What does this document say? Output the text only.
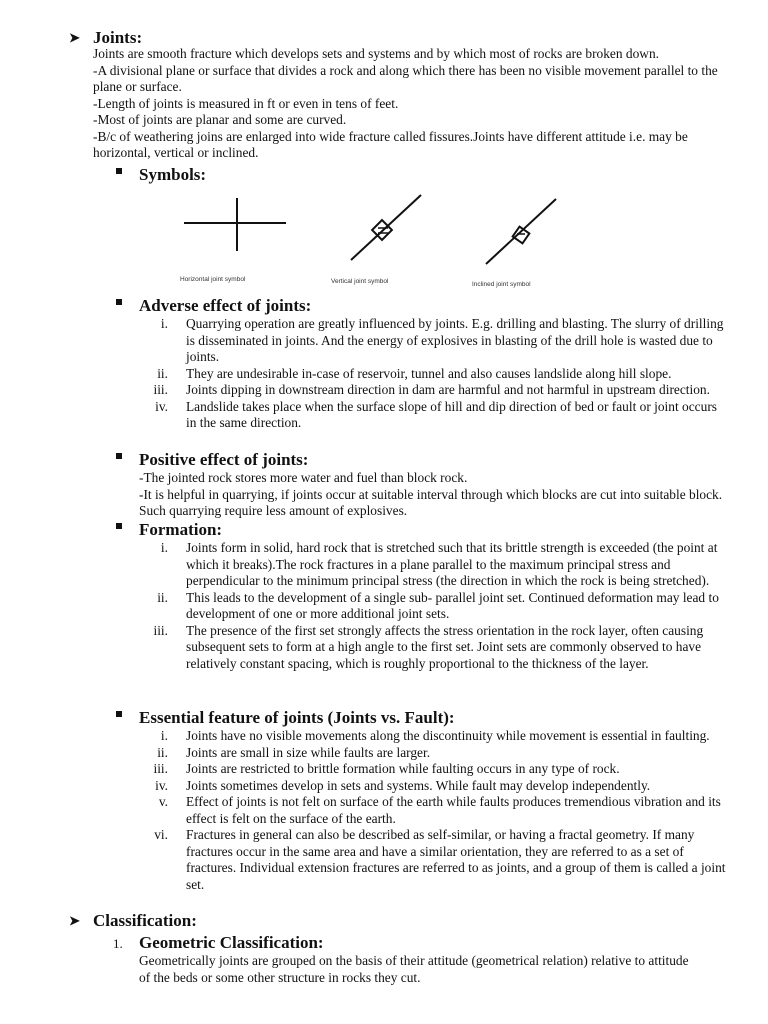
➤ Joints:

Joints are smooth fracture which develops sets and systems and by which most of rocks are broken down.

-A divisional plane or surface that divides a rock and along which there has been no visible movement parallel to the plane or surface.

-Length of joints is measured in ft or even in tens of feet.

-Most of joints are planar and some are curved.

-B/c of weathering joins are enlarged into wide fracture called fissures.Joints have different attitude i.e. may be horizontal, vertical or inclined.

Symbols:
Horizontal joint symbol	Vertical joint symbol	Inclined joint symbol
Adverse effect of joints:
i. Quarrying operation are greatly influenced by joints. E.g. drilling and blasting. The slurry of drilling is disseminated in joints. And the energy of explosives in blasting of the drill hole is wasted due to joints.
ii. They are undesirable in-case of reservoir, tunnel and also causes landslide along hill slope.
iii. Joints dipping in downstream direction in dam are harmful and not harmful in upstream direction.
iv. Landslide takes place when the surface slope of hill and dip direction of bed or fault or joint occurs in the same direction.
Positive effect of joints:

-The jointed rock stores more water and fuel than block rock.

-It is helpful in quarrying, if joints occur at suitable interval through which blocks are cut into suitable block. Such quarrying require less amount of explosives.

Formation:
i. Joints form in solid, hard rock that is stretched such that its brittle strength is exceeded (the point at which it breaks).The rock fractures in a plane parallel to the maximum principal stress and perpendicular to the minimum principal stress (the direction in which the rock is being stretched).
ii. This leads to the development of a single sub- parallel joint set. Continued deformation may lead to development of one or more additional joint sets.
iii. The presence of the first set strongly affects the stress orientation in the rock layer, often causing subsequent sets to form at a high angle to the first set. Joint sets are commonly observed to have relatively constant spacing, which is roughly proportional to the thickness of the layer.
Essential feature of joints (Joints vs. Fault):
i. Joints have no visible movements along the discontinuity while movement is essential in faulting.
ii. Joints are small in size while faults are larger.
iii. Joints are restricted to brittle formation while faulting occurs in any type of rock.
iv. Joints sometimes develop in sets and systems. While fault may develop independently.
v. Effect of joints is not felt on surface of the earth while faults produces tremendious vibration and its effect is felt on the surface of the earth.
vi. Fractures in general can also be described as self-similar, or having a fractal geometry. If many fractures occur in the same area and have a similar orientation, they are referred to as a set of fractures. Individual extension fractures are referred to as joints, and a group of them is called a joint set.
➤ Classification:
1. Geometric Classification:

Geometrically joints are grouped on the basis of their attitude (geometrical relation) relative to attitude of the beds or some other structure in rocks they cut.
